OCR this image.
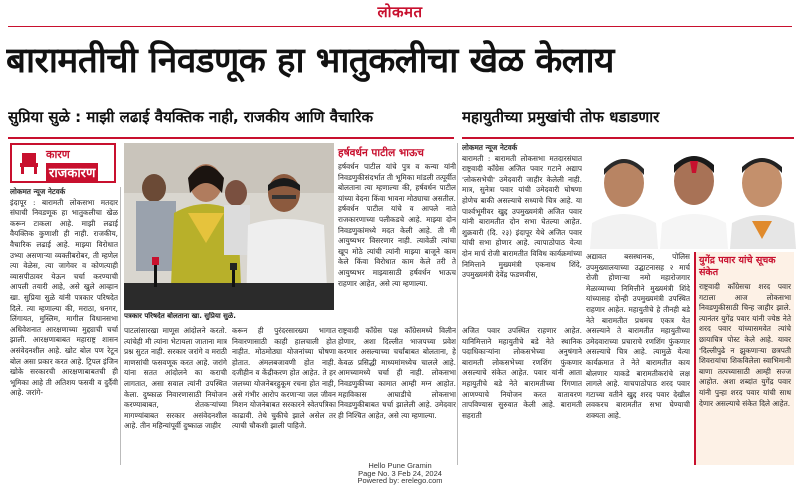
लोकमत
बारामतीची निवडणूक हा भातुकलीचा खेळ केलाय
सुप्रिया सुळे : माझी लढाई वैयक्तिक नाही, राजकीय आणि वैचारिक	महायुतीच्या प्रमुखांची तोफ धडाडणार
कारण
राजकारण
लोकमत न्यूज नेटवर्क
इंदापूर : बारामती लोकसभा मतदार संघाची निवडणूक हा भातुकलीचा खेळ करून टाकला आहे. माझी लढाई वैयक्तिक कुणाशी ही नाही. राजकीय, वैचारिक लढाई आहे. माझ्या विरोधात उभ्या असणाऱ्या व्यक्तीबरोबर, ती म्हणेल त्या वेळेस, त्या जागेवर व कोणत्याही व्यासपीठावर येऊन चर्चा करण्याची आपली तयारी आहे, असे खुले आव्हान खा. सुप्रिया सुळे यांनी पत्रकार परिषदेत दिले. त्या म्हणाल्या की, मराठा, धनगर, लिंगायत, मुस्लिम, मागील विधानसभा अधिवेशनात आरक्षणाच्या मुद्द्याची चर्चा झाली. आरक्षणाबाबत महाराष्ट्र शासन असंवेदनशील आहे. खोट बोल पण रेटून बोल असा प्रकार करत आहे. ट्रिपल इंजिन खोके सरकारची आरक्षणाबाबतची ही भूमिका आहे ती अतिशय फसवी व दुर्दैवी आहे. जरांगे-
पत्रकार परिषदेत बोलताना खा. सुप्रिया सुळे.
पाटलांसारखा माणूस आंदोलने करतो. त्यांचेही मी त्यांना भेटायला जाताना मात्र प्रश्न सुटत नाही. सरकार जरांगे व मराठी माणसांची फसवणूक करत आहे. जरांगे यांना सतत आंदोलने का कराची लागतात, असा सवाल त्यांनी उपस्थित केला. दुष्काळ निवारणासाठी नियोजन करण्याबाबत, शेतकऱ्यांच्या मागण्यांबाबत सरकार असंवेदनशील आहे. तीन महिन्यांपूर्वी दुष्काळ जाहीर
करून ही पुरंदरसारख्या भागात निवारणासाठी काही हालचाली होत नाहीत. मोठमोठ्या योजनांच्या घोषणा होतात. अंमलबजावणी होत नाही. दजीहीन व केंद्रीकरण होत आहेत. ते हर जलच्या योजनेबरहुकूम रचना होत नाही, असे गंभीर आरोप करणाऱ्या जल जीवन मिशन योजनेबाबत सरकारने स्वेतपत्रिका काढावी. तेथे चुकीचे झाले असेल तर त्याची चौकशी झाली पाहिजे.
हर्षवर्धन पाटील भाऊच
हर्षवर्धन पाटील यांचे पुत्र व कन्या यांनी निवडणुकीसंदर्भात ती भूमिका मांडली तत्पूर्वीत बोलताना त्या म्हणाल्या की, हर्षवर्धन पाटील यांच्या वेदना किंवा भावना मोठ्याचा असतील. हर्षवर्धन पाटील यांचे व आपले नाते राजकारणाच्या पलीकडचे आहे. माझ्या दोन निवडणुकांमध्ये मदत केली आहे. ती मी आयुष्यभर विसरणार नाही. त्यावेळी त्यांचा खूप मोठे त्यांची त्यांनी माझ्या बाजूने काम केले किंवा विरोधात काम केले तरी ते आयुष्यभर माझ्यासाठी हर्षवर्धन भाऊच राहणार आहेत, असे त्या म्हणाल्या.
राष्ट्रवादी काँग्रेस पक्ष काँग्रेसमध्ये विलीन होणार, अशा दिल्लीत भाजपच्या प्रवेश करणार असल्याच्या चर्चांबाबत बोलताना, हे केवळ प्रसिद्धी माध्यमांमध्येच चालले आहे. आमच्यामध्ये चर्चा ही नाही. लोकसभा निवडणुकीच्या कामात आम्ही मग्न आहोत. महाविकास आघाडीचे लोकसभा निवडणुकीबाबत चर्चा झालेली आहे. उमेदवार ही निश्चित आहेत, असे त्या म्हणाल्या.
लोकमत न्यूज नेटवर्क
बारामती : बारामती लोकसभा मतदारसंघात राष्ट्रवादी काँग्रेस अजित पवार गटाने अद्याप 'लोकसभेची' उमेदवारी जाहीर केलेली नाही. मात्र, सुनेत्रा पवार यांची उमेदवारी घोषणा होणेच बाकी असल्याचे सध्याचे चित्र आहे. या पार्श्वभूमीवर खुद्द उपमुख्यमंत्री अजित पवार यांनी बारामतीत दोन सभा घेतल्या आहेत. शुक्रवारी (दि. २३) इंदापूर येथे अजित पवार यांची सभा होणार आहे. त्यापाठोपाठ येत्या दोन मार्च रोजी बारामतीत विविध कार्यक्रमांच्या निमित्ताने मुख्यमंत्री एकनाथ शिंदे, उपमुख्यमंत्री देवेंद्र फडणवीस,
अजित पवार उपस्थित राहणार आहेत. यानिमित्ताने महायुतीचे बडे नेते स्थानिक पदाधिकाऱ्यांना लोकसभेच्या अनुषंगाने बारामती लोकसभेच्या रणशिंग फुंकणार असल्याचे संकेत आहेत. पवार यांनी आता महायुतीचे बडे नेते बारामतीच्या रिंगणात आणण्याचे नियोजन करत वातावरण तापविण्यास सुरुवात केली आहे. बारामती सहराती
अद्यावत बसस्थानक, पोलिस उपमुख्यालयाच्या उद्घाटनासह २ मार्च रोजी होणाऱ्या नमो महारोजगार मेळाव्याच्या निमित्तीने मुख्यमंत्री शिंदे यांच्यासह दोन्ही उपमुख्यमंत्री उपस्थित राहणार आहेत. महायुतीचे हे तीनही बडे नेते बारामतीत प्रथमच एकत्र येत असल्याने ते बारामतीत महायुतीच्या उमेदवाराच्या प्रचाराचे रणशिंग फुंकणार असल्याचे चित्र आहे. त्यामुळे येत्या कार्यक्रमात ते नेते बारामतीत काय बोलणार याकडे बारामतीकरांचे लक्ष लागले आहे. याचपाठोपाठ शरद पवार गटाच्या वतीने खुद्द शरद पवार देखील लवकरच बारामतीत सभा घेण्याची शक्यता आहे.
युगेंद्र पवार यांचे सूचक संकेत
राष्ट्रवादी काँग्रेसचा शरद पवार गटाला आज लोकसभा निवडणुकीसाठी चिन्ह जाहीर झाले. त्यानंतर युगेंद्र पवार यांनी ज्येष्ठ नेते शरद पवार यांच्यासमवेत त्यांचे छायाचित्र पोस्ट केले आहे. यावर 'दिल्लीपुढे न झुकणाऱ्या छत्रपती शिवरायांचा शिकविलेला स्वाभिमानी बाणा तत्पच्यासाठी आम्ही सज्ज आहोत. अशा शब्दांत युगेंद्र पवार यांनी पुन्हा शरद पवार यांची साथ देणार असल्याचे संकेत दिले आहेत.
Hello Pune Gramin
Page No. 3 Feb 24, 2024
Powered by: erelego.com
